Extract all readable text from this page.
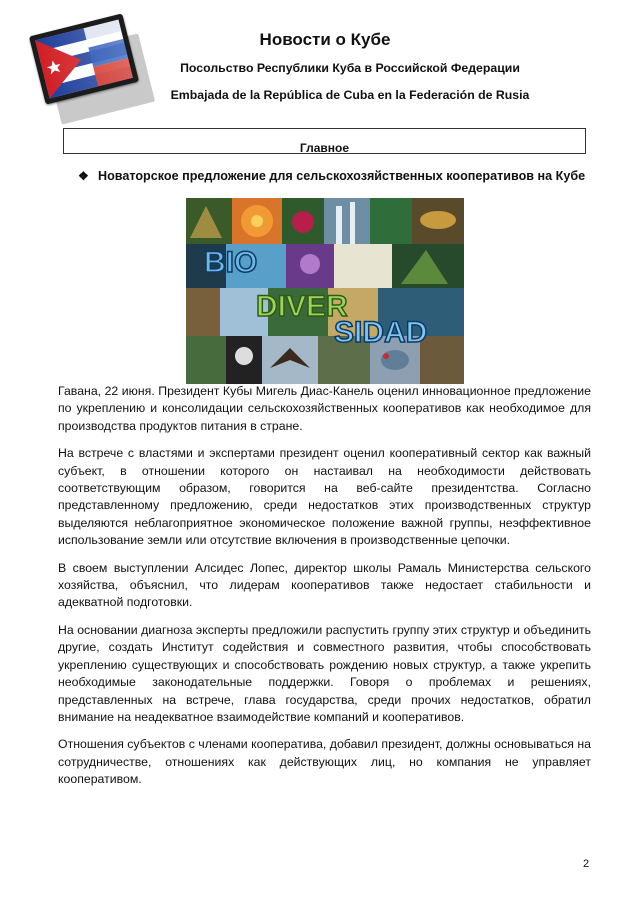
Новости о Кубе
Посольство Республики Куба в Российской Федерации
Embajada de la República de Cuba en la Federación de Rusia
Главное
❖ Новаторское предложение для сельскохозяйственных кооперативов на Кубе
BIO
DIVER
SIDAD

Гавана, 22 июня. Президент Кубы Мигель Диас-Канель оценил инновационное предложение по укреплению и консолидации сельскохозяйственных кооперативов как необходимое для производства продуктов питания в стране.

На встрече с властями и экспертами президент оценил кооперативный сектор как важный субъект, в отношении которого он настаивал на необходимости действовать соответствующим образом, говорится на веб-сайте президентства. Согласно представленному предложению, среди недостатков этих производственных структур выделяются неблагоприятное экономическое положение важной группы, неэффективное использование земли или отсутствие включения в производственные цепочки.

В своем выступлении Алсидес Лопес, директор школы Рамаль Министерства сельского хозяйства, объяснил, что лидерам кооперативов также недостает стабильности и адекватной подготовки.

На основании диагноза эксперты предложили распустить группу этих структур и объединить другие, создать Институт содействия и совместного развития, чтобы способствовать укреплению существующих и способствовать рождению новых структур, а также укрепить необходимые законодательные поддержки. Говоря о проблемах и решениях, представленных на встрече, глава государства, среди прочих недостатков, обратил внимание на неадекватное взаимодействие компаний и кооперативов.

Отношения субъектов с членами кооператива, добавил президент, должны основываться на сотрудничестве, отношениях как действующих лиц, но компания не управляет кооперативом.

2
